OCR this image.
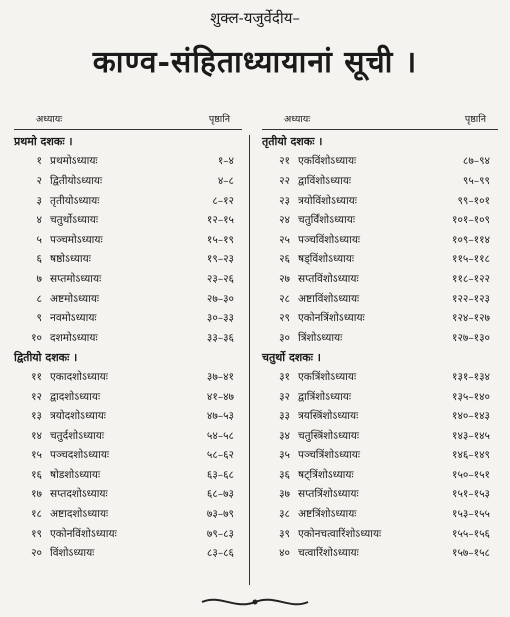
शुक्ल-यजुर्वेदीय–
काण्व-संहिताध्यायानां सूची ।
अध्यायः	पृष्ठानि
प्रथमो दशकः ।
१ प्रथमोऽध्यायः	१–४
२ द्वितीयोऽध्यायः	४–८
३ तृतीयोऽध्यायः	८–१२
४ चतुर्थोऽध्यायः	१२–१५
५ पञ्चमोऽध्यायः	१५–१९
६ षष्ठोऽध्यायः	१९–२३
७ सप्तमोऽध्यायः	२३–२६
८ अष्टमोऽध्यायः	२७–३०
९ नवमोऽध्यायः	३०–३३
१० दशमोऽध्यायः	३३–३६
द्वितीयो दशकः ।
११ एकादशोऽध्यायः	३७–४१
१२ द्वादशोऽध्यायः	४१–४७
१३ त्रयोदशोऽध्यायः	४७–५३
१४ चतुर्दशोऽध्यायः	५४–५८
१५ पञ्चदशोऽध्यायः	५८–६२
१६ षोडशोऽध्यायः	६३–६८
१७ सप्तदशोऽध्यायः	६८–७३
१८ अष्टादशोऽध्यायः	७३–७९
१९ एकोनविंशोऽध्यायः	७९–८३
२० विंशोऽध्यायः	८३–८६
अध्यायः	पृष्ठानि
तृतीयो दशकः ।
२१ एकविंशोऽध्यायः	८७–९४
२२ द्वाविंशोऽध्यायः	९५–९९
२३ त्रयोविंशोऽध्यायः	९९–१०१
२४ चतुर्विंशोऽध्यायः	१०१–१०९
२५ पञ्चविंशोऽध्यायः	१०९–११४
२६ षड्विंशोऽध्यायः	११५–११८
२७ सप्तविंशोऽध्यायः	११८–१२२
२८ अष्टाविंशोऽध्यायः	१२२–१२३
२९ एकोनत्रिंशोऽध्यायः	१२४–१२७
३० त्रिंशोऽध्यायः	१२७–१३०
चतुर्थो दशकः ।
३१ एकत्रिंशोऽध्यायः	१३१–१३४
३२ द्वात्रिंशोऽध्यायः	१३५–१४०
३३ त्रयस्त्रिंशोऽध्यायः	१४०–१४३
३४ चतुस्त्रिंशोऽध्यायः	१४३–१४५
३५ पञ्चत्रिंशोऽध्यायः	१४६–१४९
३६ षट्त्रिंशोऽध्यायः	१५०–१५१
३७ सप्तत्रिंशोऽध्यायः	१५१–१५३
३८ अष्टत्रिंशोऽध्यायः	१५३–१५५
३९ एकोनचत्वारिंशोऽध्यायः	१५५–१५६
४० चत्वारिंशोऽध्यायः	१५७–१५८
